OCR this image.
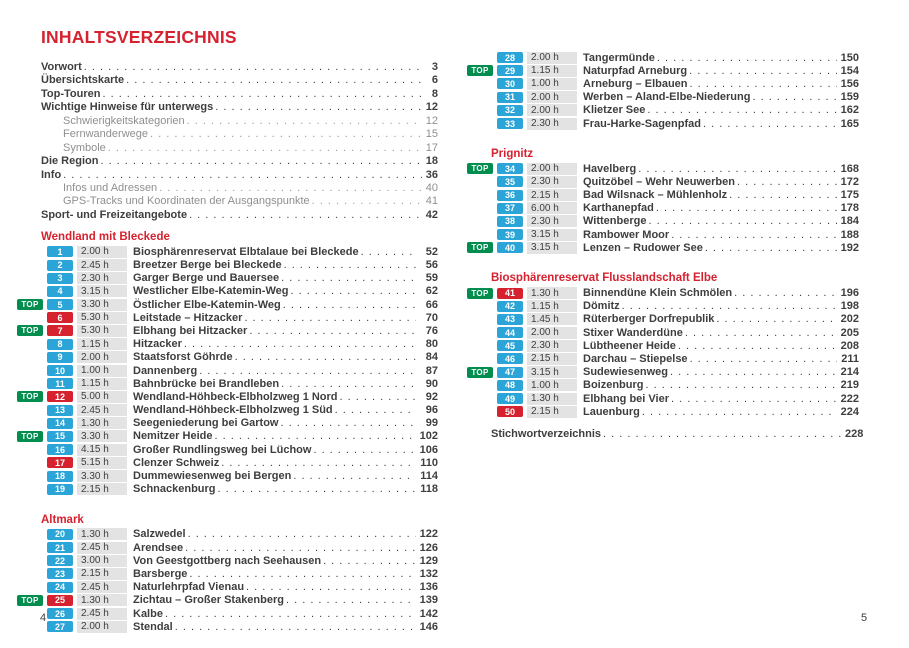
INHALTSVERZEICHNIS
Vorwort . . .	3
Übersichtskarte . . .	6
Top-Touren . . .	8
Wichtige Hinweise für unterwegs . . .	12
Schwierigkeitskategorien . . .	12
Fernwanderwege . . .	15
Symbole . . .	17
Die Region . . .	18
Info . . .	36
Infos und Adressen . . .	40
GPS-Tracks und Koordinaten der Ausgangspunkte . . .	41
Sport- und Freizeitangebote . . .	42
Wendland mit Bleckede
1	2.00 h	Biosphärenreservat Elbtalaue bei Bleckede . . .	52
2	2.45 h	Breetzer Berge bei Bleckede . . .	56
3	2.30 h	Garger Berge und Bauersee . . .	59
4	3.15 h	Westlicher Elbe-Katemin-Weg . . .	62
TOP	5	3.30 h	Östlicher Elbe-Katemin-Weg . . .	66
6	5.30 h	Leitstade – Hitzacker . . .	70
TOP	7	5.30 h	Elbhang bei Hitzacker . . .	76
8	1.15 h	Hitzacker . . .	80
9	2.00 h	Staatsforst Göhrde . . .	84
10	1.00 h	Dannenberg . . .	87
11	1.15 h	Bahnbrücke bei Brandleben . . .	90
TOP	12	5.00 h	Wendland-Höhbeck-Elbholzweg 1 Nord . . .	92
13	2.45 h	Wendland-Höhbeck-Elbholzweg 1 Süd . . .	96
14	1.30 h	Seegeniederung bei Gartow . . .	99
TOP	15	3.30 h	Nemitzer Heide . . .	102
16	4.15 h	Großer Rundlingsweg bei Lüchow . . .	106
17	5.15 h	Clenzer Schweiz . . .	110
18	3.30 h	Dummewiesenweg bei Bergen . . .	114
19	2.15 h	Schnackenburg . . .	118
Altmark
20	1.30 h	Salzwedel . . .	122
21	2.45 h	Arendsee . . .	126
22	3.00 h	Von Geestgottberg nach Seehausen . . .	129
23	2.15 h	Barsberge . . .	132
24	2.45 h	Naturlehrpfad Vienau . . .	136
TOP	25	1.30 h	Zichtau – Großer Stakenberg . . .	139
26	2.45 h	Kalbe . . .	142
27	2.00 h	Stendal . . .	146
28	2.00 h	Tangermünde . . .	150
TOP	29	1.15 h	Naturpfad Arneburg . . .	154
30	1.00 h	Arneburg – Elbauen . . .	156
31	2.00 h	Werben – Aland-Elbe-Niederung . . .	159
32	2.00 h	Klietzer See . . .	162
33	2.30 h	Frau-Harke-Sagenpfad . . .	165
Prignitz
TOP	34	2.00 h	Havelberg . . .	168
35	2.30 h	Quitzöbel – Wehr Neuwerben . . .	172
36	2.15 h	Bad Wilsnack – Mühlenholz . . .	175
37	6.00 h	Karthanepfad . . .	178
38	2.30 h	Wittenberge . . .	184
39	3.15 h	Rambower Moor . . .	188
TOP	40	3.15 h	Lenzen – Rudower See . . .	192
Biosphärenreservat Flusslandschaft Elbe
TOP	41	1.30 h	Binnendüne Klein Schmölen . . .	196
42	1.15 h	Dömitz . . .	198
43	1.45 h	Rüterberger Dorfrepublik . . .	202
44	2.00 h	Stixer Wanderdüne . . .	205
45	2.30 h	Lübtheener Heide . . .	208
46	2.15 h	Darchau – Stiepelse . . .	211
TOP	47	3.15 h	Sudewiesenweg . . .	214
48	1.00 h	Boizenburg . . .	219
49	1.30 h	Elbhang bei Vier . . .	222
50	2.15 h	Lauenburg . . .	224
Stichwortverzeichnis . . .	228
4	5
